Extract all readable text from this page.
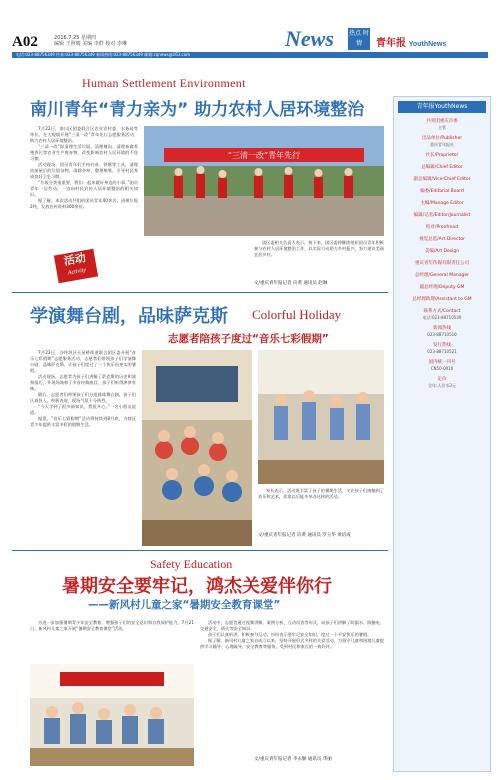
A02	2016.7.25 星期四
编辑 王照晴 美编 李群 校对 李琳	News	热点 时情	青年报 YouthNews
电话:023-88756349 传真:023-88756349 新闻热线:023-88756349 邮箱:cqnews@163.com
Human Settlement Environment
南川青年“青力亲为” 助力农村人居环境整治

7月22日，南川区团委联合区农业农村委、水务局等单位，在大观镇开展“三清一改”青年先行志愿服务活动，助力农村人居环境整治。

“三清一改”即清理生活垃圾、清理塘沟、清理畜禽养殖粪污等农业生产废弃物，改变影响农村人居环境的不良习惯。

活动现场，团员青年们手持扫帚、铁锹等工具，清理房前屋后的垃圾杂物，清除杂草，整理柴堆，引导村民养成良好卫生习惯。

“垃圾分类很重要，我们一起来做好身边的小事。”团员青年一边劳动，一边向村民宣传人居环境整治的相关知识。

据了解，本次活动共组织团员青年40余名，清理垃圾2吨，发放宣传资料300余份。

“三清一改”青年先行

团区委相关负责人表示，接下来，团区委将继续组织团员青年积极参与农村人居环境整治工作，以实际行动助力乡村振兴，努力建设美丽宜居乡村。

活动
Activity
文/重庆青年报记者 向黄 通讯员 赵琳
学演舞台剧，品味萨克斯 Colorful Holiday
志愿者陪孩子度过“音乐七彩假期”

7月23日，沙坪坝区天星桥街道联合团区委开展“音乐七彩假期”志愿服务活动，志愿者们带领孩子们学演舞台剧、品味萨克斯，让孩子们度过了一个快乐而充实的暑假。

活动现场，志愿者为孩子们讲解了萨克斯的历史和演奏技巧，并现场演奏了多首经典曲目，孩子们听得津津有味。

随后，志愿者们带领孩子们分组排练舞台剧，孩子们认真投入，积极表现，现场气氛十分热烈。

“今天学到了很多新知识，我很开心。”一名小朋友说道。

据悉，“音乐七彩假期”活动将持续到8月底，为辖区青少年提供丰富多彩的假期生活。

家长表示，活动既丰富了孩子的暑期生活，又让孩子们接触到了音乐和艺术，希望以后能多举办这样的活动。

文/重庆青年报记者 向黄 通讯员 罗玉华 黄培成
Safety Education
暑期安全要牢记，鸿杰关爱伴你行
——新风村儿童之家“暑期安全教育课堂”

为进一步加强暑期青少年安全教育，增强孩子们的安全意识和自我保护能力，7月21日，新风村儿童之家开展“暑期安全教育课堂”活动。

活动中，志愿者通过视频讲解、案例分析、互动问答等形式，向孩子们讲解了防溺水、防触电、交通安全、防火等安全知识。

孩子们认真听讲，积极参与互动，纷纷表示要牢记安全知识，度过一个平安快乐的暑假。

据了解，新风村儿童之家自成立以来，坚持开展形式多样的关爱活动，为留守儿童和困境儿童提供学习辅导、心理疏导、安全教育等服务，受到村民和家长的一致好评。

文/重庆青年报记者 李永勤 通讯员 华丽
青年报YouthNews
共青团重庆市委
主管
出品单位/Publisher
重庆青年报社
社长/Proprietor
总编辑/Chief Editor
副总编辑/Vice-Chief Editor
编委/Editorial Board
主编/Manage Editor
编辑/记者/Editor/Journalist
校对/Proofread
视觉总监/Art Director
美编/Art Design
重庆青年传媒有限责任公司
总经理/General Manager
副总经理/Deputy GM
总经理助理/Assistant to GM
联系方式/Contact
电话:023-88710539
新闻热线
023-88710510
发行热线
023-88710521
国内统一刊号
CN50-0010
定价
全年:人民币3元
